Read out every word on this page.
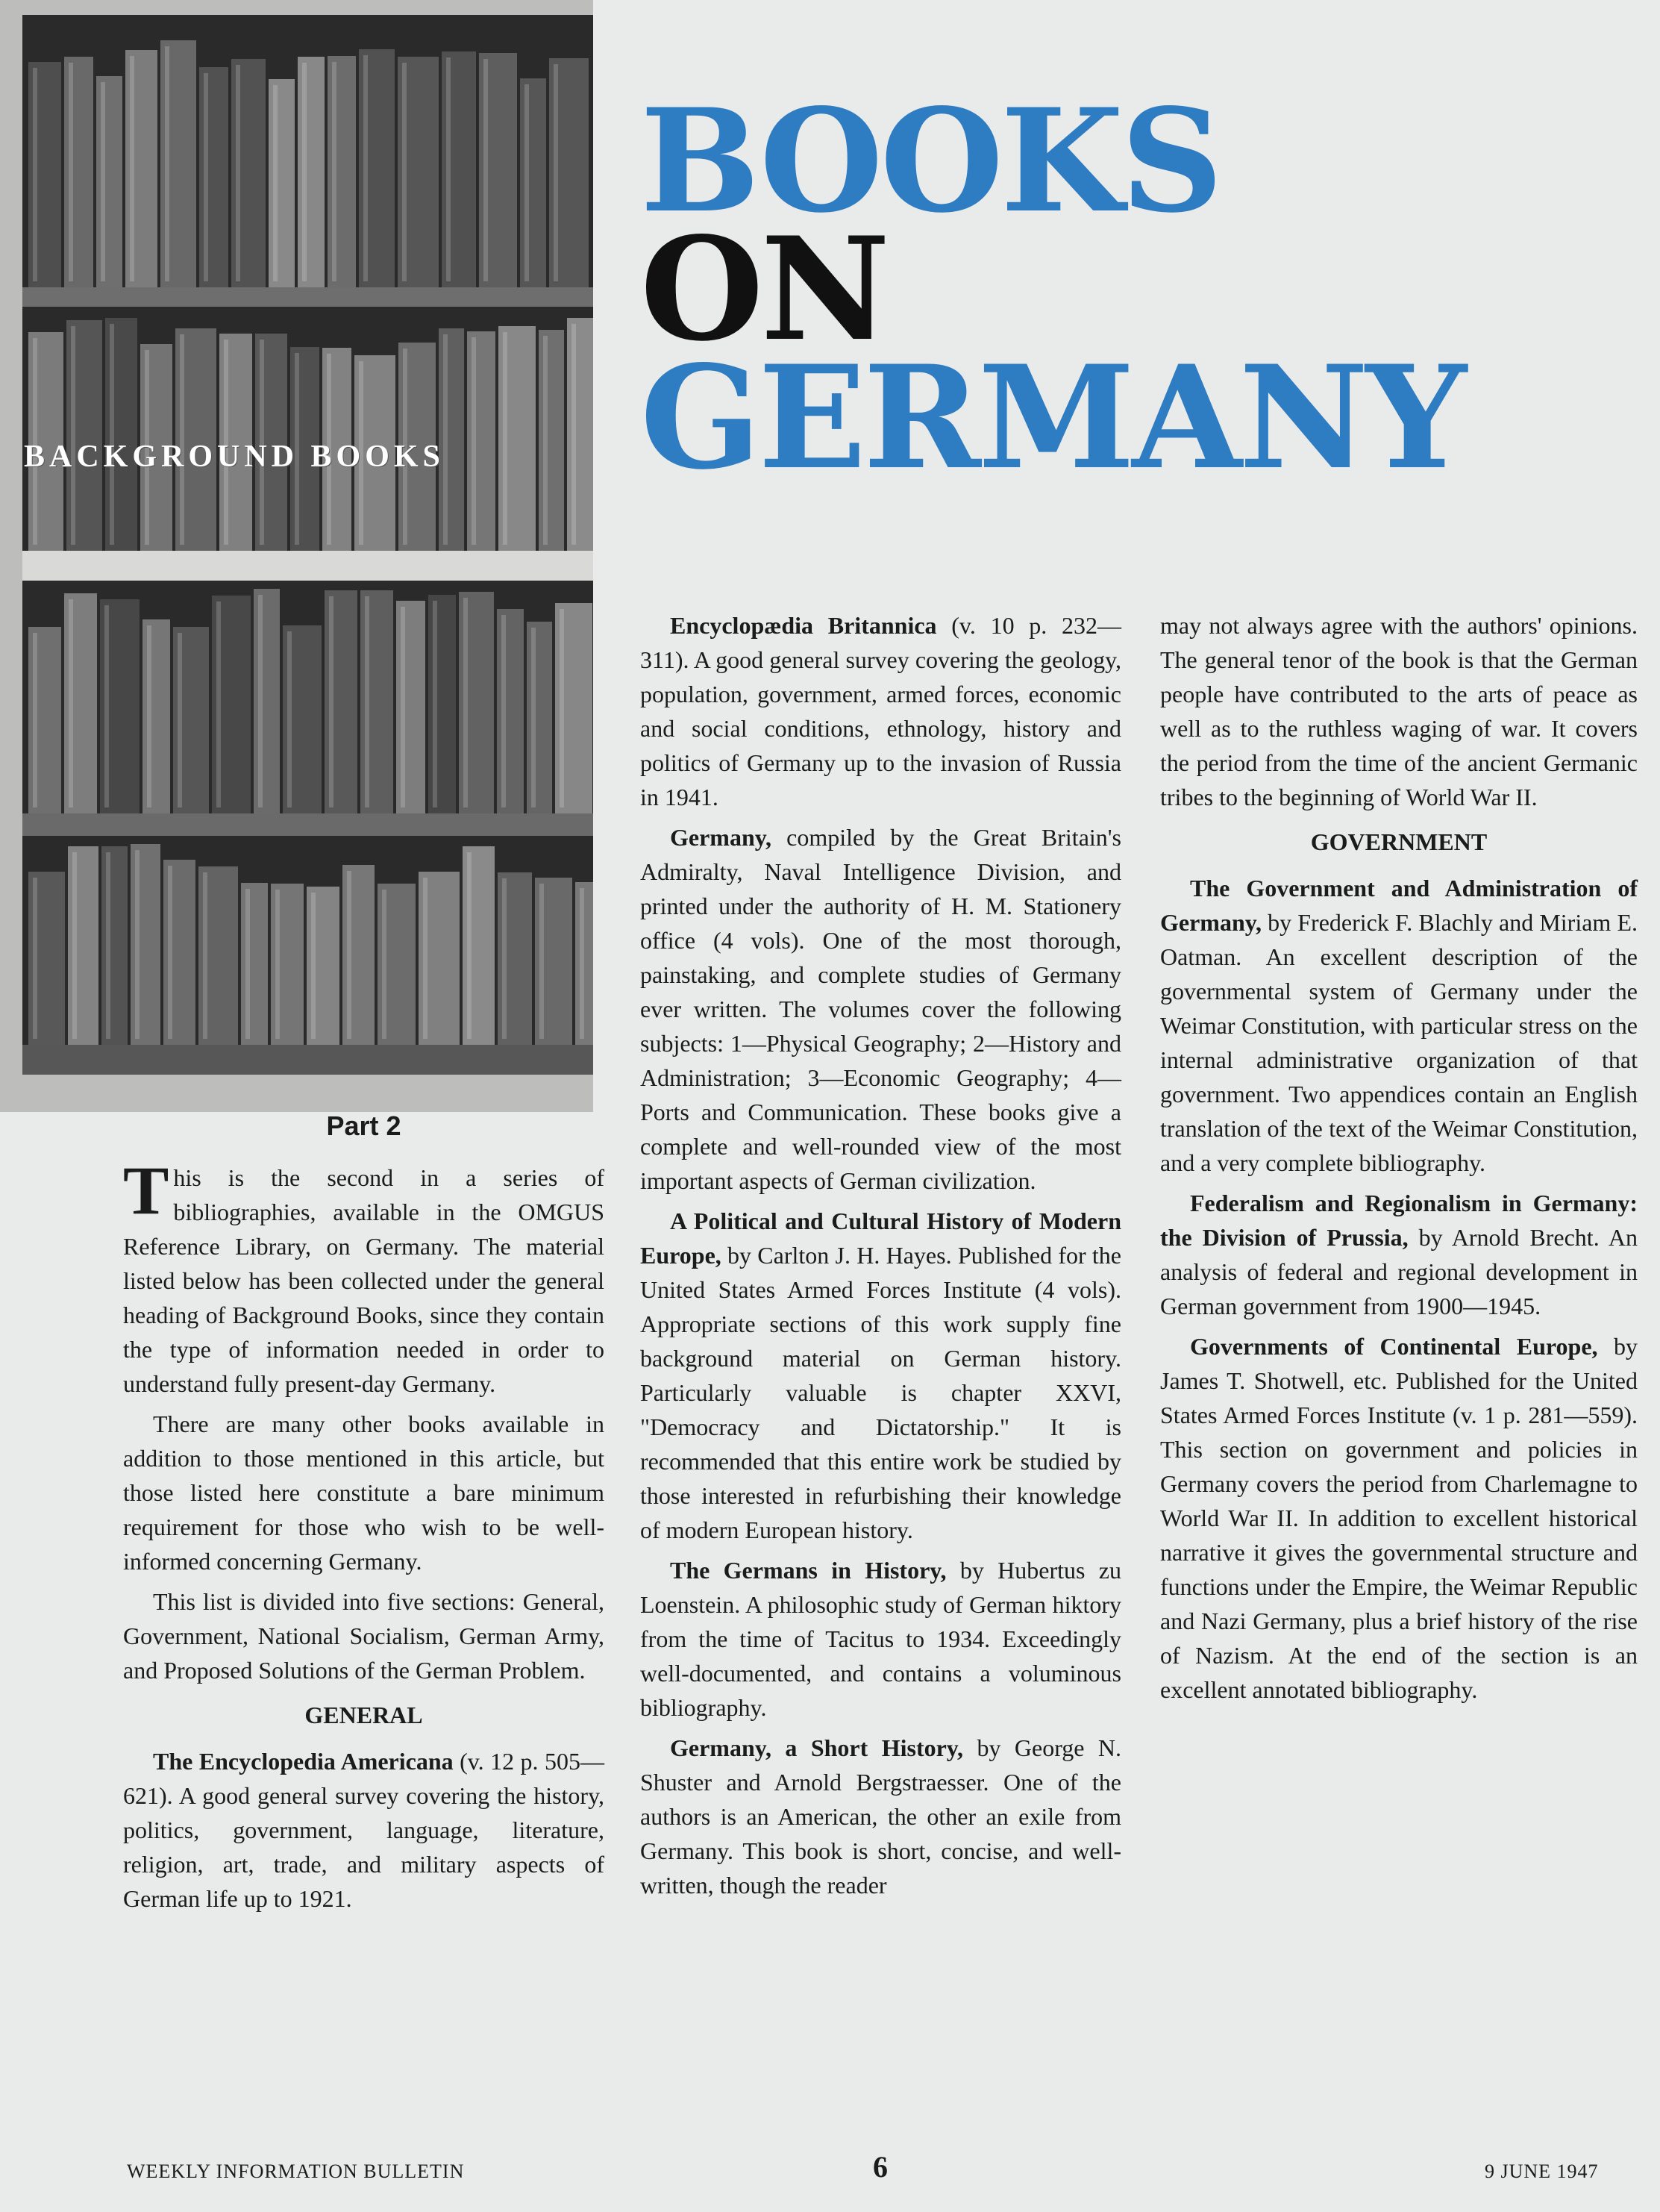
BACKGROUND BOOKS
BOOKS
ON
GERMANY
Part 2

This is the second in a series of bibliographies, available in the OMGUS Reference Library, on Germany. The material listed below has been collected under the general heading of Background Books, since they contain the type of information needed in order to understand fully present-day Germany.

There are many other books available in addition to those mentioned in this article, but those listed here constitute a bare minimum requirement for those who wish to be well-informed concerning Germany.

This list is divided into five sections: General, Government, National Socialism, German Army, and Proposed Solutions of the German Problem.

GENERAL

The Encyclopedia Americana (v. 12 p. 505—621). A good general survey covering the history, politics, government, language, literature, religion, art, trade, and military aspects of German life up to 1921.

Encyclopædia Britannica (v. 10 p. 232—311). A good general survey covering the geology, population, government, armed forces, economic and social conditions, ethnology, history and politics of Germany up to the invasion of Russia in 1941.

Germany, compiled by the Great Britain's Admiralty, Naval Intelligence Division, and printed under the authority of H. M. Stationery office (4 vols). One of the most thorough, painstaking, and complete studies of Germany ever written. The volumes cover the following subjects: 1—Physical Geography; 2—History and Administration; 3—Economic Geography; 4—Ports and Communication. These books give a complete and well-rounded view of the most important aspects of German civilization.

A Political and Cultural History of Modern Europe, by Carlton J. H. Hayes. Published for the United States Armed Forces Institute (4 vols). Appropriate sections of this work supply fine background material on German history. Particularly valuable is chapter XXVI, "Democracy and Dictatorship." It is recommended that this entire work be studied by those interested in refurbishing their knowledge of modern European history.

The Germans in History, by Hubertus zu Loenstein. A philosophic study of German hiktory from the time of Tacitus to 1934. Exceedingly well-documented, and contains a voluminous bibliography.

Germany, a Short History, by George N. Shuster and Arnold Bergstraesser. One of the authors is an American, the other an exile from Germany. This book is short, concise, and well-written, though the reader

may not always agree with the authors' opinions. The general tenor of the book is that the German people have contributed to the arts of peace as well as to the ruthless waging of war. It covers the period from the time of the ancient Germanic tribes to the beginning of World War II.

GOVERNMENT

The Government and Administration of Germany, by Frederick F. Blachly and Miriam E. Oatman. An excellent description of the governmental system of Germany under the Weimar Constitution, with particular stress on the internal administrative organization of that government. Two appendices contain an English translation of the text of the Weimar Constitution, and a very complete bibliography.

Federalism and Regionalism in Germany: the Division of Prussia, by Arnold Brecht. An analysis of federal and regional development in German government from 1900—1945.

Governments of Continental Europe, by James T. Shotwell, etc. Published for the United States Armed Forces Institute (v. 1 p. 281—559). This section on government and policies in Germany covers the period from Charlemagne to World War II. In addition to excellent historical narrative it gives the governmental structure and functions under the Empire, the Weimar Republic and Nazi Germany, plus a brief history of the rise of Nazism. At the end of the section is an excellent annotated bibliography.

WEEKLY INFORMATION BULLETIN	6	9 JUNE 1947
